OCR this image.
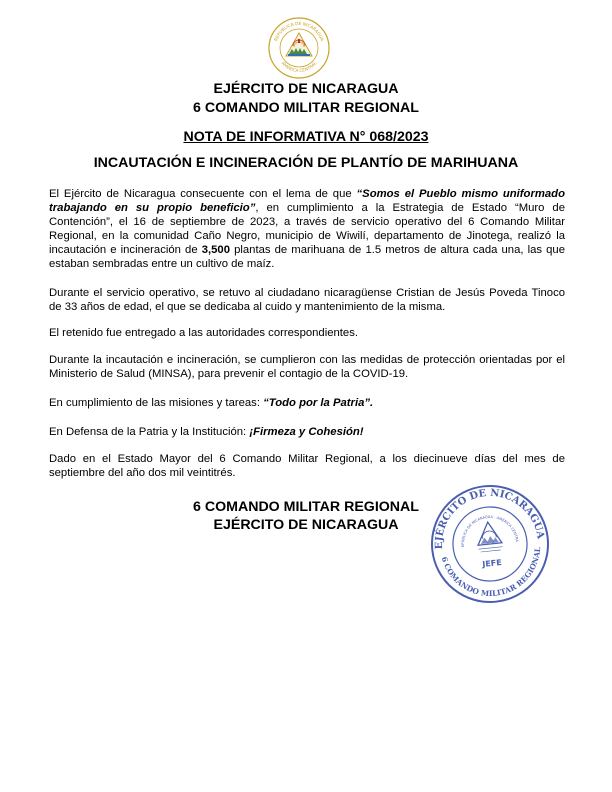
REPÚBLICA DE NICARAGUA
AMÉRICA CENTRAL
EJÉRCITO DE NICARAGUA
6 COMANDO MILITAR REGIONAL
NOTA DE INFORMATIVA N° 068/2023
INCAUTACIÓN E INCINERACIÓN DE PLANTÍO DE MARIHUANA
El Ejército de Nicaragua consecuente con el lema de que “Somos el Pueblo mismo uniformado trabajando en su propio beneficio”, en cumplimiento a la Estrategia de Estado “Muro de Contención”, el 16 de septiembre de 2023, a través de servicio operativo del 6 Comando Militar Regional, en la comunidad Caño Negro, municipio de Wiwilí, departamento de Jinotega, realizó la incautación e incineración de 3,500 plantas de marihuana de 1.5 metros de altura cada una, las que estaban sembradas entre un cultivo de maíz.
Durante el servicio operativo, se retuvo al ciudadano nicaragüense Cristian de Jesús Poveda Tinoco de 33 años de edad, el que se dedicaba al cuido y mantenimiento de la misma.
El retenido fue entregado a las autoridades correspondientes.
Durante la incautación e incineración, se cumplieron con las medidas de protección orientadas por el Ministerio de Salud (MINSA), para prevenir el contagio de la COVID-19.
En cumplimiento de las misiones y tareas: “Todo por la Patria”.
En Defensa de la Patria y la Institución: ¡Firmeza y Cohesión!
Dado en el Estado Mayor del 6 Comando Militar Regional, a los diecinueve días del mes de septiembre del año dos mil veintitrés.
6 COMANDO MILITAR REGIONAL
EJÉRCITO DE NICARAGUA
EJÉRCITO DE NICARAGUA
6 COMANDO MILITAR REGIONAL
REPÚBLICA DE NICARAGUA · AMÉRICA CENTRAL
JEFE
